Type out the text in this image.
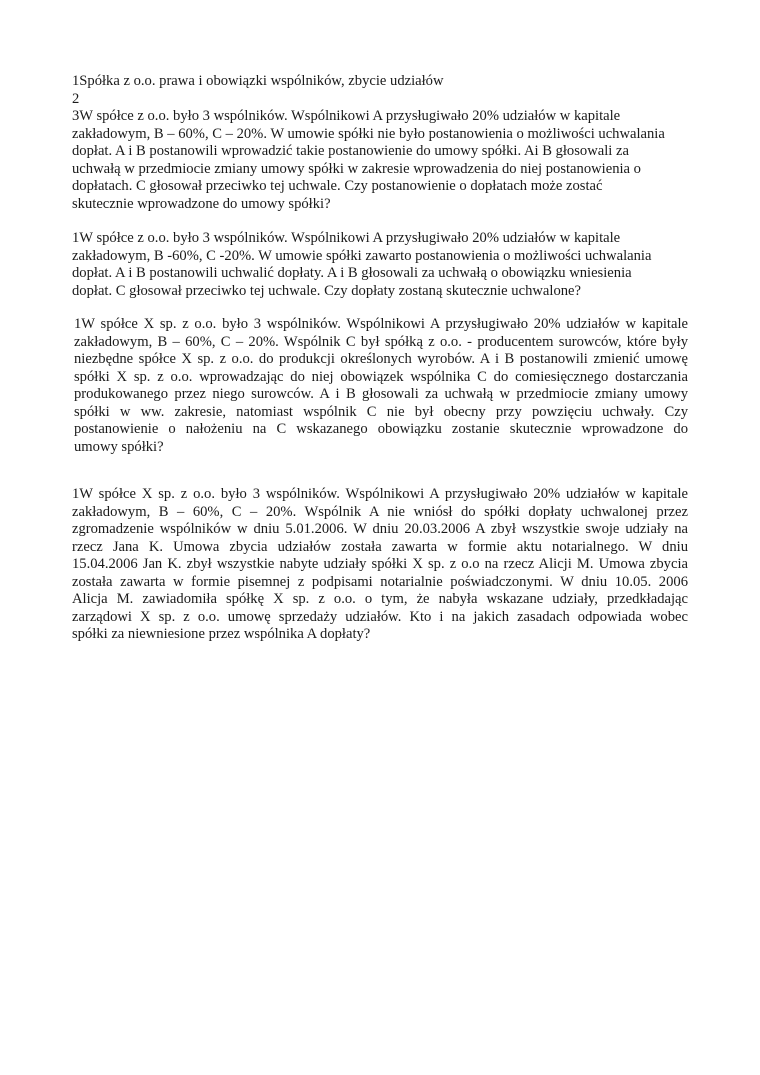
1Spółka z o.o. prawa i obowiązki wspólników, zbycie udziałów
2
3W spółce z o.o. było 3 wspólników. Wspólnikowi A przysługiwało 20% udziałów w kapitale
zakładowym, B – 60%, C – 20%. W umowie spółki nie było postanowienia o możliwości uchwalania
dopłat. A i B postanowili wprowadzić takie postanowienie do umowy spółki. Ai B głosowali za
uchwałą w przedmiocie zmiany umowy spółki w zakresie wprowadzenia do niej postanowienia o
dopłatach. C głosował przeciwko tej uchwale. Czy postanowienie o dopłatach może zostać
skutecznie wprowadzone do umowy spółki?
1W spółce z o.o. było 3 wspólników. Wspólnikowi A przysługiwało 20% udziałów w kapitale
zakładowym, B -60%, C -20%. W umowie spółki zawarto postanowienia o możliwości uchwalania
dopłat. A i B postanowili uchwalić dopłaty. A i B głosowali za uchwałą o obowiązku wniesienia
dopłat. C głosował przeciwko tej uchwale. Czy dopłaty zostaną skutecznie uchwalone?
1W spółce X sp. z o.o. było 3 wspólników. Wspólnikowi A przysługiwało 20% udziałów w kapitale
zakładowym, B – 60%, C – 20%. Wspólnik C był spółką z o.o. - producentem surowców, które były
niezbędne spółce X sp. z o.o. do produkcji określonych wyrobów. A i B postanowili zmienić umowę
spółki X sp. z o.o. wprowadzając do niej obowiązek wspólnika C do comiesięcznego dostarczania
produkowanego przez niego surowców. A i B głosowali za uchwałą w przedmiocie zmiany umowy
spółki w ww. zakresie, natomiast wspólnik C nie był obecny przy powzięciu uchwały. Czy
postanowienie o nałożeniu na C wskazanego obowiązku zostanie skutecznie wprowadzone do
umowy spółki?
1W spółce X sp. z o.o. było 3 wspólników. Wspólnikowi A przysługiwało 20% udziałów w kapitale
zakładowym, B – 60%, C – 20%. Wspólnik A nie wniósł do spółki dopłaty uchwalonej przez
zgromadzenie wspólników w dniu 5.01.2006. W dniu 20.03.2006 A zbył wszystkie swoje udziały na
rzecz Jana K. Umowa zbycia udziałów została zawarta w formie aktu notarialnego. W dniu
15.04.2006 Jan K. zbył wszystkie nabyte udziały spółki X sp. z o.o na rzecz Alicji M. Umowa zbycia
została zawarta w formie pisemnej z podpisami notarialnie poświadczonymi. W dniu 10.05. 2006
Alicja M. zawiadomiła spółkę X sp. z o.o. o tym, że nabyła wskazane udziały, przedkładając
zarządowi X sp. z o.o. umowę sprzedaży udziałów. Kto i na jakich zasadach odpowiada wobec
spółki za niewniesione przez wspólnika A dopłaty?
